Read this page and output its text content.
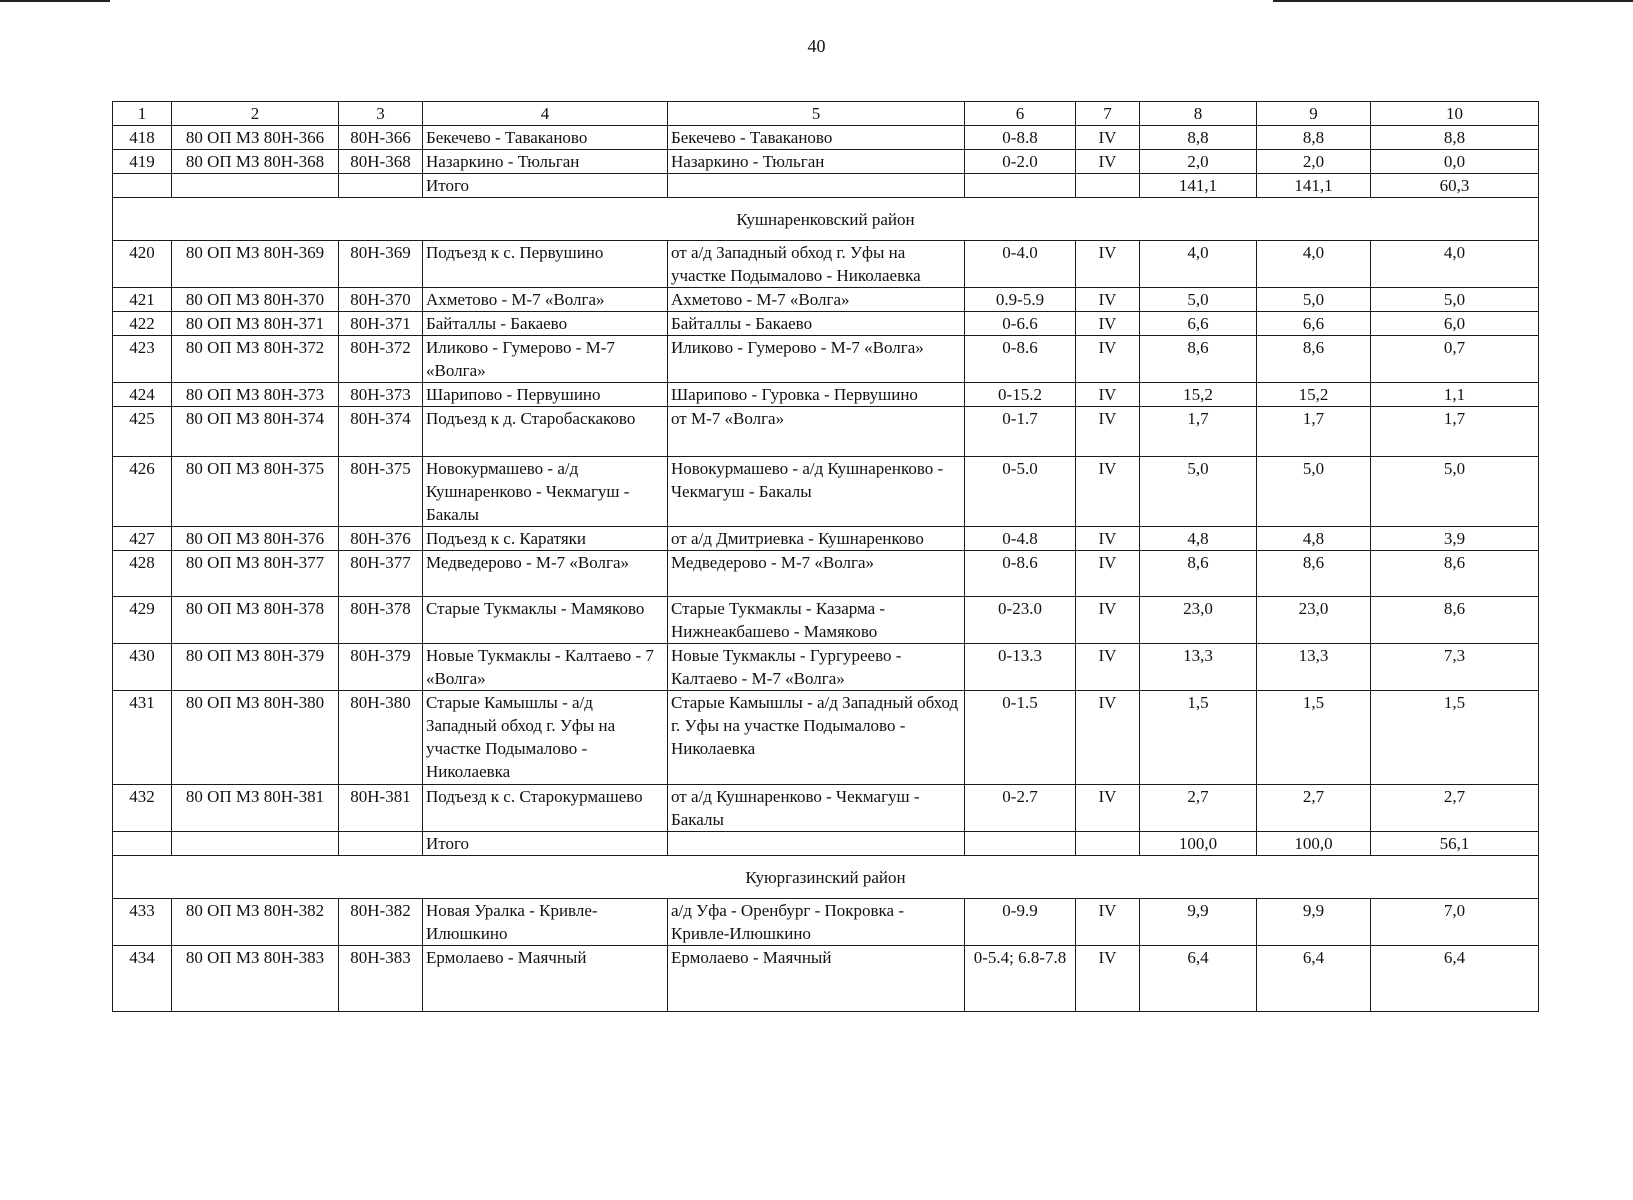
40
1	2	3	4	5	6	7	8	9	10
418	80 ОП МЗ 80Н-366	80Н-366	Бекечево - Таваканово	Бекечево - Таваканово	0-8.8	IV	8,8	8,8	8,8
419	80 ОП МЗ 80Н-368	80Н-368	Назаркино - Тюльган	Назаркино - Тюльган	0-2.0	IV	2,0	2,0	0,0
			Итого				141,1	141,1	60,3
Кушнаренковский район									
420	80 ОП МЗ 80Н-369	80Н-369	Подъезд к с. Первушино	от а/д Западный обход г. Уфы на участке Подымалово - Николаевка	0-4.0	IV	4,0	4,0	4,0
421	80 ОП МЗ 80Н-370	80Н-370	Ахметово - М-7 «Волга»	Ахметово - М-7 «Волга»	0.9-5.9	IV	5,0	5,0	5,0
422	80 ОП МЗ 80Н-371	80Н-371	Байталлы - Бакаево	Байталлы - Бакаево	0-6.6	IV	6,6	6,6	6,0
423	80 ОП МЗ 80Н-372	80Н-372	Иликово - Гумерово - М-7 «Волга»	Иликово - Гумерово - М-7 «Волга»	0-8.6	IV	8,6	8,6	0,7
424	80 ОП МЗ 80Н-373	80Н-373	Шарипово - Первушино	Шарипово - Гуровка - Первушино	0-15.2	IV	15,2	15,2	1,1
425	80 ОП МЗ 80Н-374	80Н-374	Подъезд к д. Старобаскаково	от М-7 «Волга»	0-1.7	IV	1,7	1,7	1,7
426	80 ОП МЗ 80Н-375	80Н-375	Новокурмашево - а/д Кушнаренково - Чекмагуш - Бакалы	Новокурмашево - а/д Кушнаренково - Чекмагуш - Бакалы	0-5.0	IV	5,0	5,0	5,0
427	80 ОП МЗ 80Н-376	80Н-376	Подъезд к с. Каратяки	от а/д Дмитриевка - Кушнаренково	0-4.8	IV	4,8	4,8	3,9
428	80 ОП МЗ 80Н-377	80Н-377	Медведерово - М-7 «Волга»	Медведерово - М-7 «Волга»	0-8.6	IV	8,6	8,6	8,6
429	80 ОП МЗ 80Н-378	80Н-378	Старые Тукмаклы - Мамяково	Старые Тукмаклы - Казарма - Нижнеакбашево - Мамяково	0-23.0	IV	23,0	23,0	8,6
430	80 ОП МЗ 80Н-379	80Н-379	Новые Тукмаклы - Калтаево - 7 «Волга»	Новые Тукмаклы - Гургуреево - Калтаево - М-7 «Волга»	0-13.3	IV	13,3	13,3	7,3
431	80 ОП МЗ 80Н-380	80Н-380	Старые Камышлы - а/д Западный обход г. Уфы на участке Подымалово - Николаевка	Старые Камышлы - а/д Западный обход г. Уфы на участке Подымалово - Николаевка	0-1.5	IV	1,5	1,5	1,5
432	80 ОП МЗ 80Н-381	80Н-381	Подъезд к с. Старокурмашево	от а/д Кушнаренково - Чекмагуш - Бакалы	0-2.7	IV	2,7	2,7	2,7
			Итого				100,0	100,0	56,1
Куюргазинский район									
433	80 ОП МЗ 80Н-382	80Н-382	Новая Уралка - Кривле-Илюшкино	а/д Уфа - Оренбург - Покровка - Кривле-Илюшкино	0-9.9	IV	9,9	9,9	7,0
434	80 ОП МЗ 80Н-383	80Н-383	Ермолаево - Маячный	Ермолаево - Маячный	0-5.4; 6.8-7.8	IV	6,4	6,4	6,4
